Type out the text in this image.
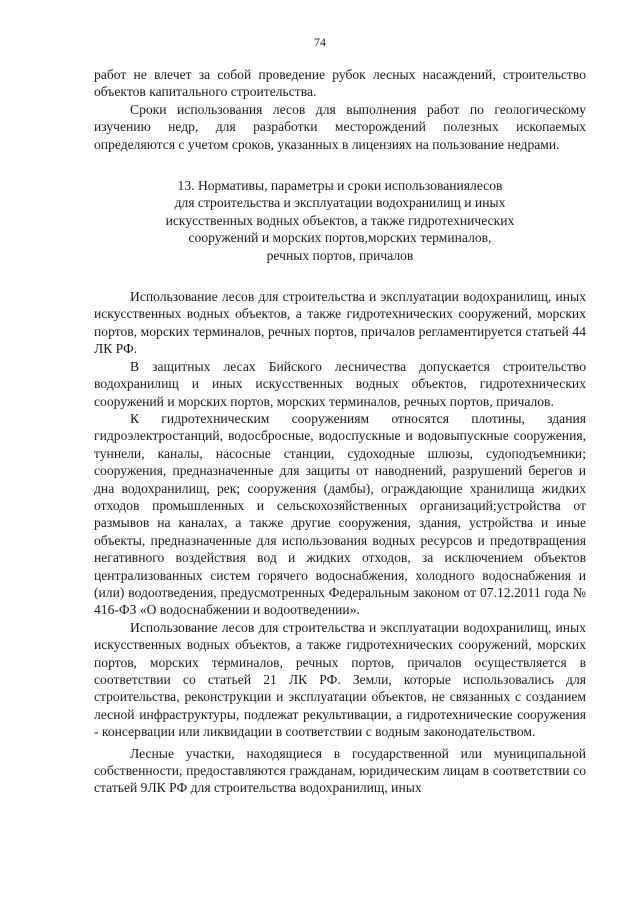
74

работ не влечет за собой проведение рубок лесных насаждений, строительство объектов капитального строительства.

Сроки использования лесов для выполнения работ по геологическому изучению недр, для разработки месторождений полезных ископаемых определяются с учетом сроков, указанных в лицензиях на пользование недрами.

13. Нормативы, параметры и сроки использованиялесов
для строительства и эксплуатации водохранилищ и иных
искусственных водных объектов, а также гидротехнических
сооружений и морских портов,морских терминалов,
речных портов, причалов

Использование лесов для строительства и эксплуатации водохранилищ, иных искусственных водных объектов, а также гидротехнических сооружений, морских портов, морских терминалов, речных портов, причалов регламентируется статьей 44 ЛК РФ.

В защитных лесах Бийского лесничества допускается строительство водохранилищ и иных искусственных водных объектов, гидротехнических сооружений и морских портов, морских терминалов, речных портов, причалов.

К гидротехническим сооружениям относятся плотины, здания гидроэлектростанций, водосбросные, водоспускные и водовыпускные сооружения, туннели, каналы, насосные станции, судоходные шлюзы, судоподъемники; сооружения, предназначенные для защиты от наводнений, разрушений берегов и дна водохранилищ, рек; сооружения (дамбы), ограждающие хранилища жидких отходов промышленных и сельскохозяйственных организаций;устройства от размывов на каналах, а также другие сооружения, здания, устройства и иные объекты, предназначенные для использования водных ресурсов и предотвращения негативного воздействия вод и жидких отходов, за исключением объектов централизованных систем горячего водоснабжения, холодного водоснабжения и (или) водоотведения, предусмотренных Федеральным законом от 07.12.2011 года № 416-ФЗ «О водоснабжении и водоотведении».

Использование лесов для строительства и эксплуатации водохранилищ, иных искусственных водных объектов, а также гидротехнических сооружений, морских портов, морских терминалов, речных портов, причалов осуществляется в соответствии со статьей 21 ЛК РФ. Земли, которые использовались для строительства, реконструкции и эксплуатации объектов, не связанных с созданием лесной инфраструктуры, подлежат рекультивации, а гидротехнические сооружения - консервации или ликвидации в соответствии с водным законодательством.

Лесные участки, находящиеся в государственной или муниципальной собственности, предоставляются гражданам, юридическим лицам в соответствии со статьей 9ЛК РФ для строительства водохранилищ, иных
